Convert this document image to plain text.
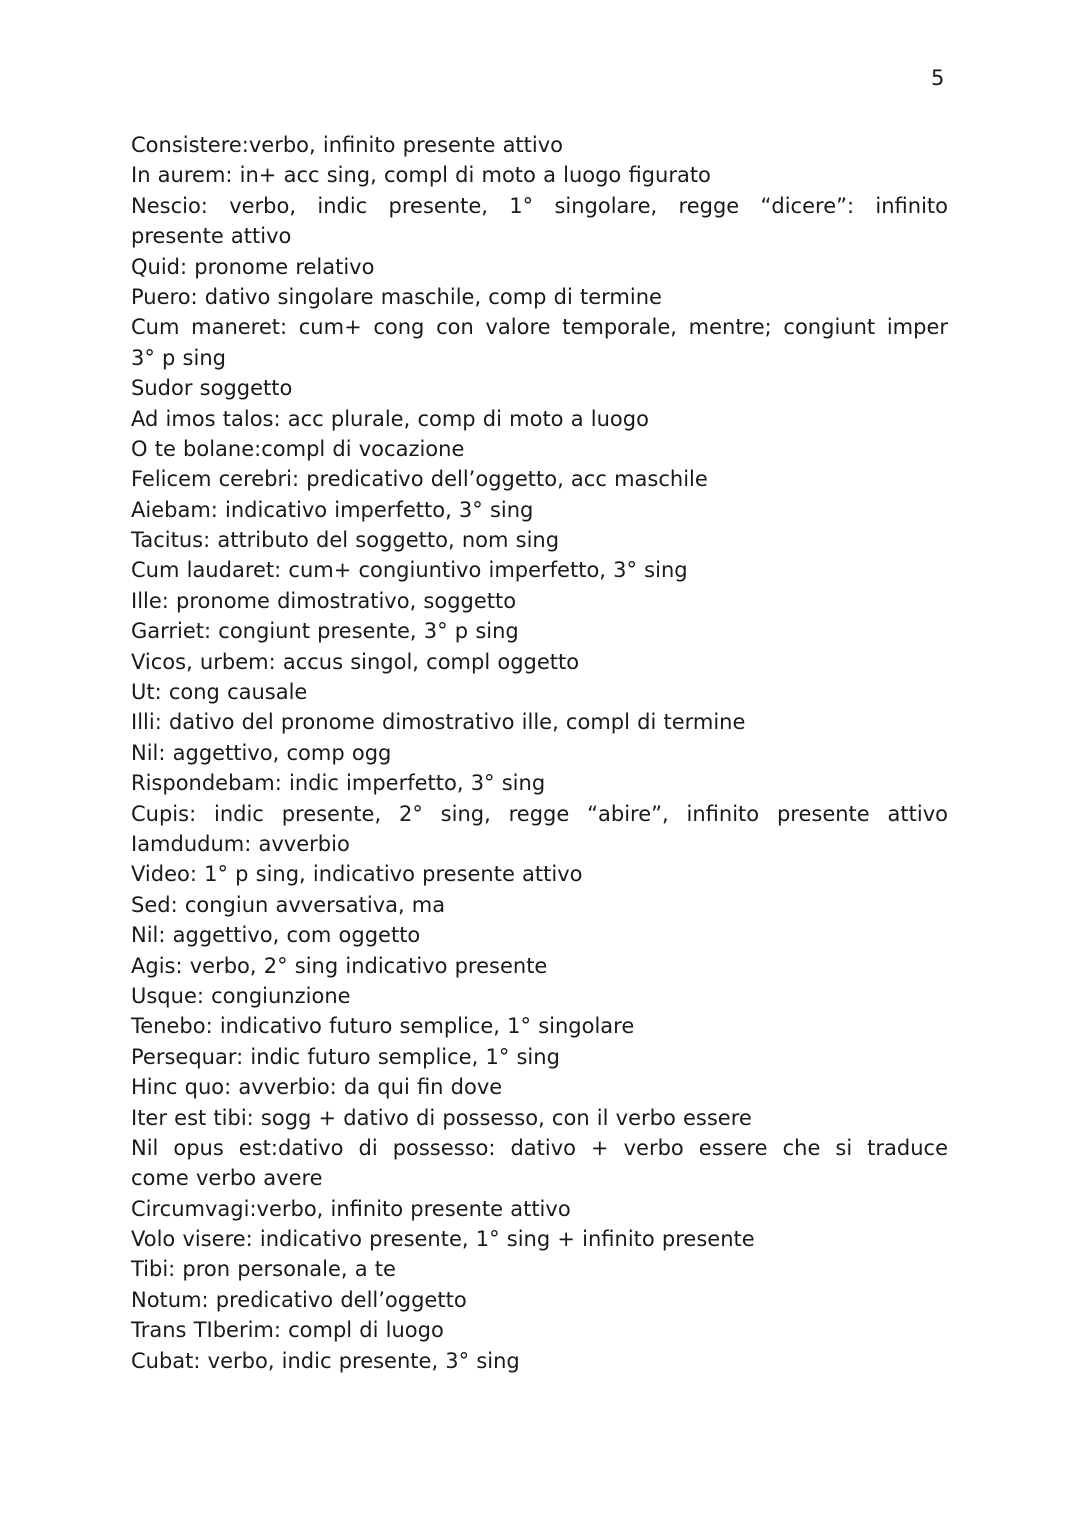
5
Consistere:verbo, infinito presente attivo
In aurem: in+ acc sing, compl di moto a luogo figurato
Nescio: verbo, indic presente, 1° singolare, regge “dicere”: infinito
presente attivo
Quid: pronome relativo
Puero: dativo singolare maschile, comp di termine
Cum maneret: cum+ cong con valore temporale, mentre; congiunt imper
3° p sing
Sudor soggetto
Ad imos talos: acc plurale, comp di moto a luogo
O te bolane:compl di vocazione
Felicem cerebri: predicativo dell’oggetto, acc maschile
Aiebam: indicativo imperfetto, 3° sing
Tacitus: attributo del soggetto, nom sing
Cum laudaret: cum+ congiuntivo imperfetto, 3° sing
Ille: pronome dimostrativo, soggetto
Garriet: congiunt presente, 3° p sing
Vicos, urbem: accus singol, compl oggetto
Ut: cong causale
Illi: dativo del pronome dimostrativo ille, compl di termine
Nil: aggettivo, comp ogg
Rispondebam: indic imperfetto, 3° sing
Cupis: indic presente, 2° sing, regge “abire”, infinito presente attivo
Iamdudum: avverbio
Video: 1° p sing, indicativo presente attivo
Sed: congiun avversativa, ma
Nil: aggettivo, com oggetto
Agis: verbo, 2° sing indicativo presente
Usque: congiunzione
Tenebo: indicativo futuro semplice, 1° singolare
Persequar: indic futuro semplice, 1° sing
Hinc quo: avverbio: da qui fin dove
Iter est tibi: sogg + dativo di possesso, con il verbo essere
Nil opus est:dativo di possesso: dativo + verbo essere che si traduce
come verbo avere
Circumvagi:verbo, infinito presente attivo
Volo visere: indicativo presente, 1° sing + infinito presente
Tibi: pron personale, a te
Notum: predicativo dell’oggetto
Trans TIberim: compl di luogo
Cubat: verbo, indic presente, 3° sing
